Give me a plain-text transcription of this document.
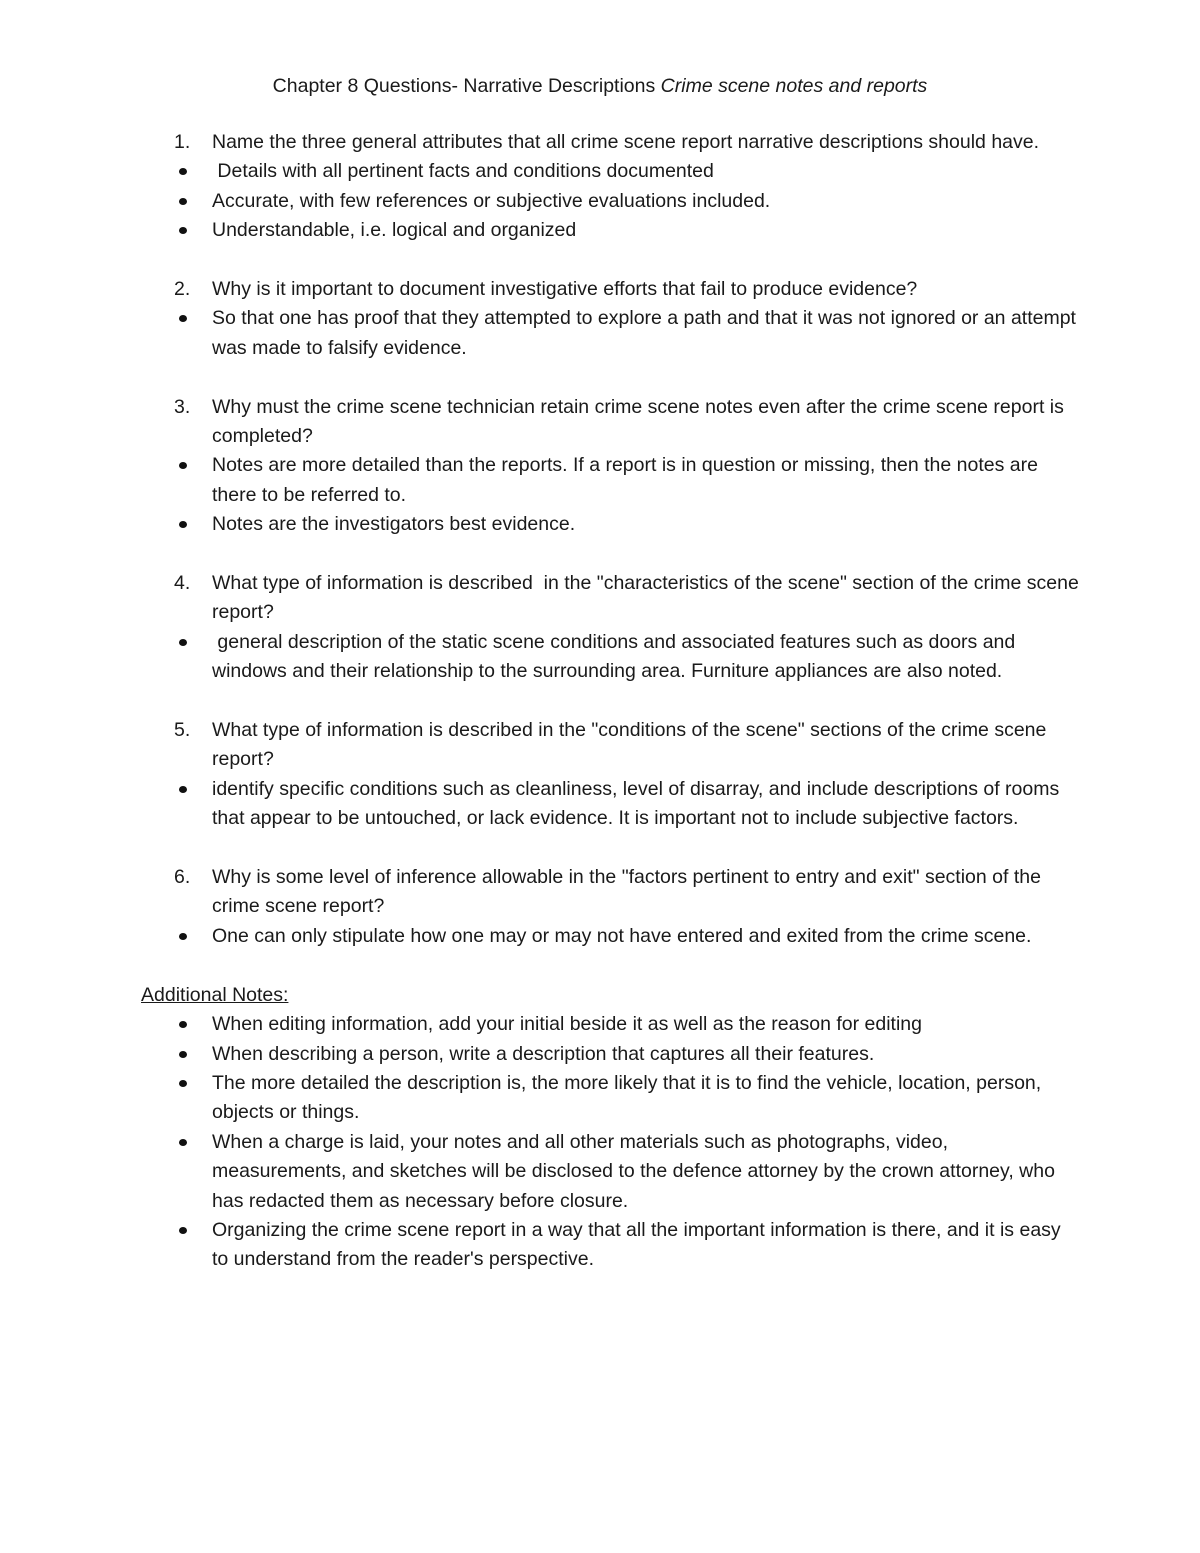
Chapter 8 Questions- Narrative Descriptions Crime scene notes and reports
1. Name the three general attributes that all crime scene report narrative descriptions should have.
Details with all pertinent facts and conditions documented
Accurate, with few references or subjective evaluations included.
Understandable, i.e. logical and organized
2. Why is it important to document investigative efforts that fail to produce evidence?
So that one has proof that they attempted to explore a path and that it was not ignored or an attempt was made to falsify evidence.
3. Why must the crime scene technician retain crime scene notes even after the crime scene report is completed?
Notes are more detailed than the reports. If a report is in question or missing, then the notes are there to be referred to.
Notes are the investigators best evidence.
4. What type of information is described  in the "characteristics of the scene" section of the crime scene report?
general description of the static scene conditions and associated features such as doors and windows and their relationship to the surrounding area. Furniture appliances are also noted.
5. What type of information is described in the "conditions of the scene" sections of the crime scene report?
identify specific conditions such as cleanliness, level of disarray, and include descriptions of rooms that appear to be untouched, or lack evidence. It is important not to include subjective factors.
6. Why is some level of inference allowable in the "factors pertinent to entry and exit" section of the crime scene report?
One can only stipulate how one may or may not have entered and exited from the crime scene.
Additional Notes:
When editing information, add your initial beside it as well as the reason for editing
When describing a person, write a description that captures all their features.
The more detailed the description is, the more likely that it is to find the vehicle, location, person, objects or things.
When a charge is laid, your notes and all other materials such as photographs, video, measurements, and sketches will be disclosed to the defence attorney by the crown attorney, who has redacted them as necessary before closure.
Organizing the crime scene report in a way that all the important information is there, and it is easy to understand from the reader's perspective.
